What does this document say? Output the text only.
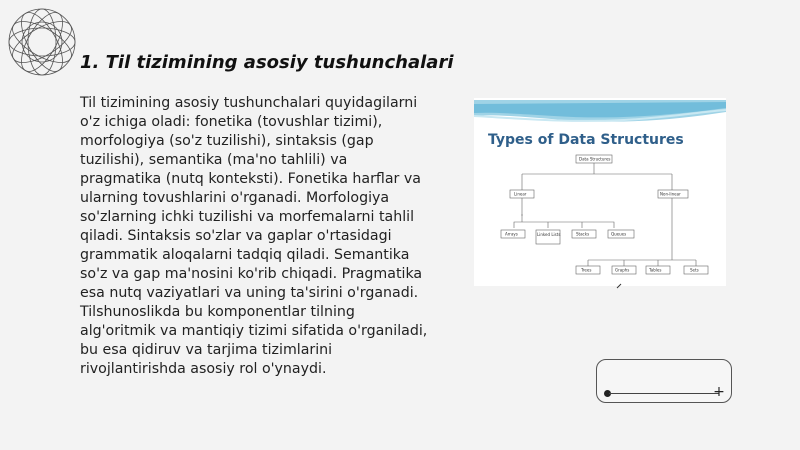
1. Til tizimining asosiy tushunchalari

Til tizimining asosiy tushunchalari quyidagilarni o'z ichiga oladi: fonetika (tovushlar tizimi), morfologiya (so'z tuzilishi), sintaksis (gap tuzilishi), semantika (ma'no tahlili) va pragmatika (nutq konteksti). Fonetika harflar va ularning tovushlarini o'rganadi. Morfologiya so'zlarning ichki tuzilishi va morfemalarni tahlil qiladi. Sintaksis so'zlar va gaplar o'rtasidagi grammatik aloqalarni tadqiq qiladi. Semantika so'z va gap ma'nosini ko'rib chiqadi. Pragmatika esa nutq vaziyatlari va uning ta'sirini o'rganadi. Tilshunoslikda bu komponentlar tilning alg'oritmik va mantiqiy tizimi sifatida o'rganiladi, bu esa qidiruv va tarjima tizimlarini rivojlantirishda asosiy rol o'ynaydi.

Types of Data Structures
Data Structures
Linear	Non-linear
Arrays	Linked Lists	Stacks	Queues
Trees	Graphs	Tables	Sets
+
